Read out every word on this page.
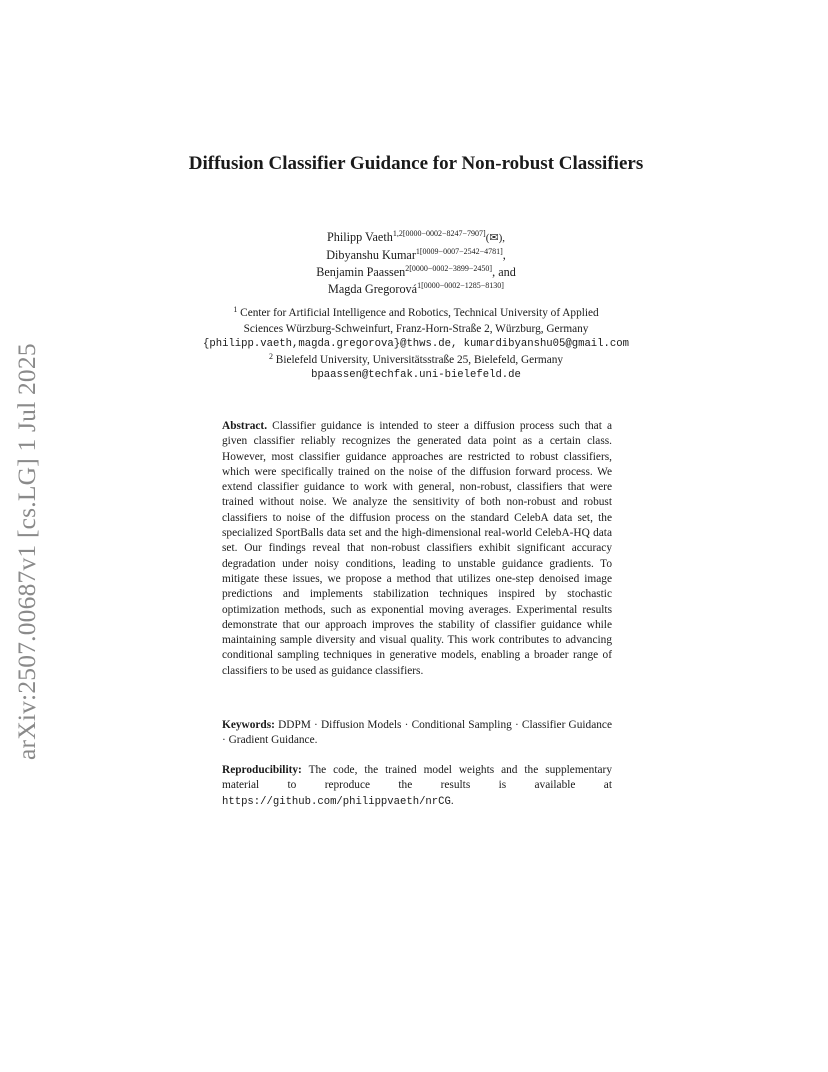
arXiv:2507.00687v1 [cs.LG] 1 Jul 2025
Diffusion Classifier Guidance for Non-robust Classifiers
Philipp Vaeth$^{1,2[0000-0002-8247-7907]}$(✉),
Dibyanshu Kumar$^{1[0009-0007-2542-4781]}$,
Benjamin Paassen$^{2[0000-0002-3899-2450]}$, and
Magda Gregorová$^{1[0000-0002-1285-8130]}$
$^1$ Center for Artificial Intelligence and Robotics, Technical University of Applied
Sciences Würzburg-Schweinfurt, Franz-Horn-Straße 2, Würzburg, Germany
{philipp.vaeth,magda.gregorova}@thws.de, kumardibyanshu05@gmail.com
$^2$ Bielefeld University, Universitätsstraße 25, Bielefeld, Germany
bpaassen@techfak.uni-bielefeld.de
Abstract. Classifier guidance is intended to steer a diffusion process such that a given classifier reliably recognizes the generated data point as a certain class. However, most classifier guidance approaches are restricted to robust classifiers, which were specifically trained on the noise of the diffusion forward process. We extend classifier guidance to work with general, non-robust, classifiers that were trained without noise. We analyze the sensitivity of both non-robust and robust classifiers to noise of the diffusion process on the standard CelebA data set, the specialized SportBalls data set and the high-dimensional real-world CelebA-HQ data set. Our findings reveal that non-robust classifiers exhibit significant accuracy degradation under noisy conditions, leading to unstable guidance gradients. To mitigate these issues, we propose a method that utilizes one-step denoised image predictions and implements stabilization techniques inspired by stochastic optimization methods, such as exponential moving averages. Experimental results demonstrate that our approach improves the stability of classifier guidance while maintaining sample diversity and visual quality. This work contributes to advancing conditional sampling techniques in generative models, enabling a broader range of classifiers to be used as guidance classifiers.
Keywords: DDPM · Diffusion Models · Conditional Sampling · Classifier Guidance · Gradient Guidance.
Reproducibility: The code, the trained model weights and the supplementary material to reproduce the results is available at https://github.com/philippvaeth/nrCG.
